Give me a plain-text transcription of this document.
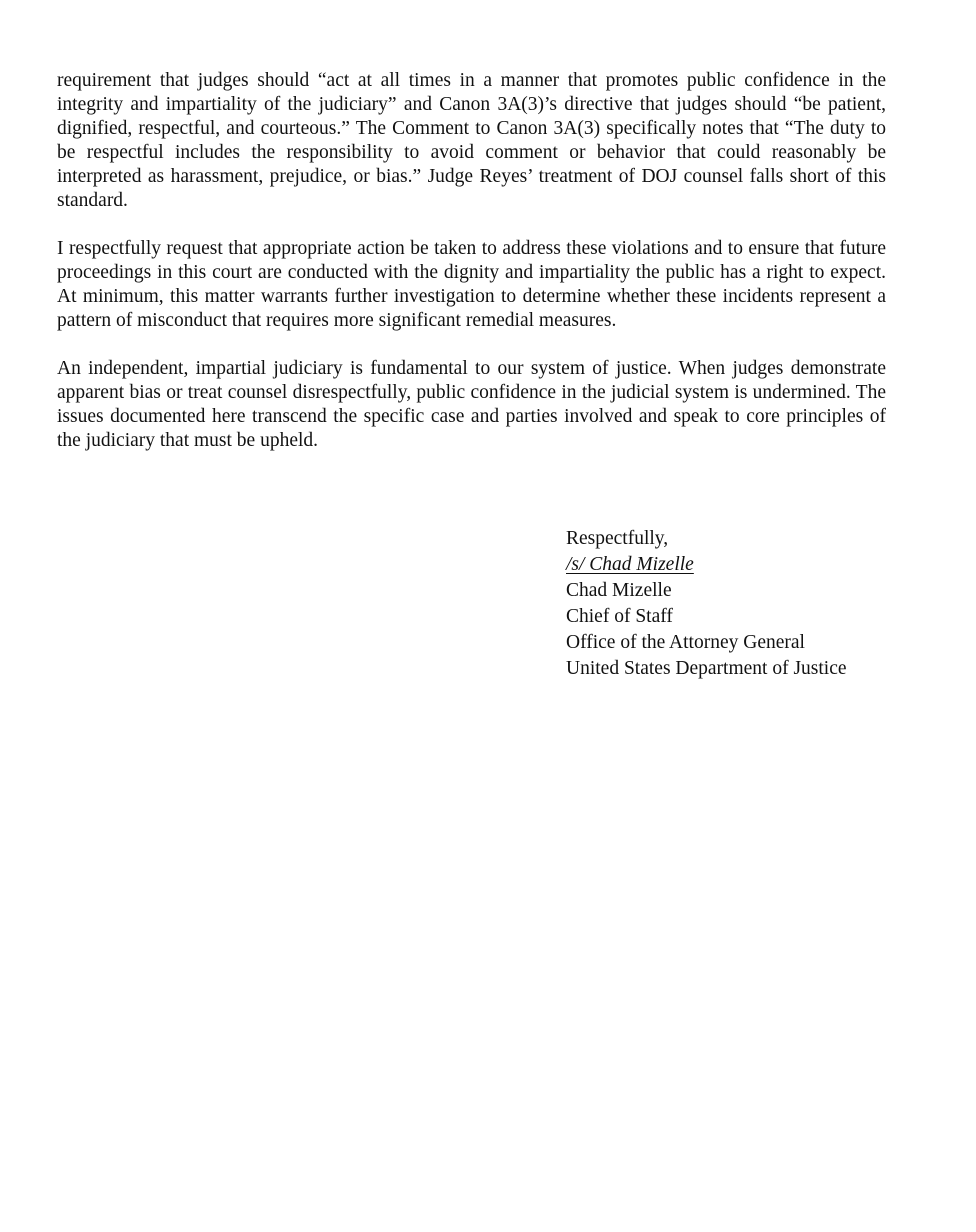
requirement that judges should “act at all times in a manner that promotes public confidence in the integrity and impartiality of the judiciary” and Canon 3A(3)’s directive that judges should “be patient, dignified, respectful, and courteous.” The Comment to Canon 3A(3) specifically notes that “The duty to be respectful includes the responsibility to avoid comment or behavior that could reasonably be interpreted as harassment, prejudice, or bias.” Judge Reyes’ treatment of DOJ counsel falls short of this standard.

I respectfully request that appropriate action be taken to address these violations and to ensure that future proceedings in this court are conducted with the dignity and impartiality the public has a right to expect. At minimum, this matter warrants further investigation to determine whether these incidents represent a pattern of misconduct that requires more significant remedial measures.

An independent, impartial judiciary is fundamental to our system of justice. When judges demonstrate apparent bias or treat counsel disrespectfully, public confidence in the judicial system is undermined. The issues documented here transcend the specific case and parties involved and speak to core principles of the judiciary that must be upheld.

Respectfully,
/s/ Chad Mizelle
Chad Mizelle
Chief of Staff
Office of the Attorney General
United States Department of Justice
